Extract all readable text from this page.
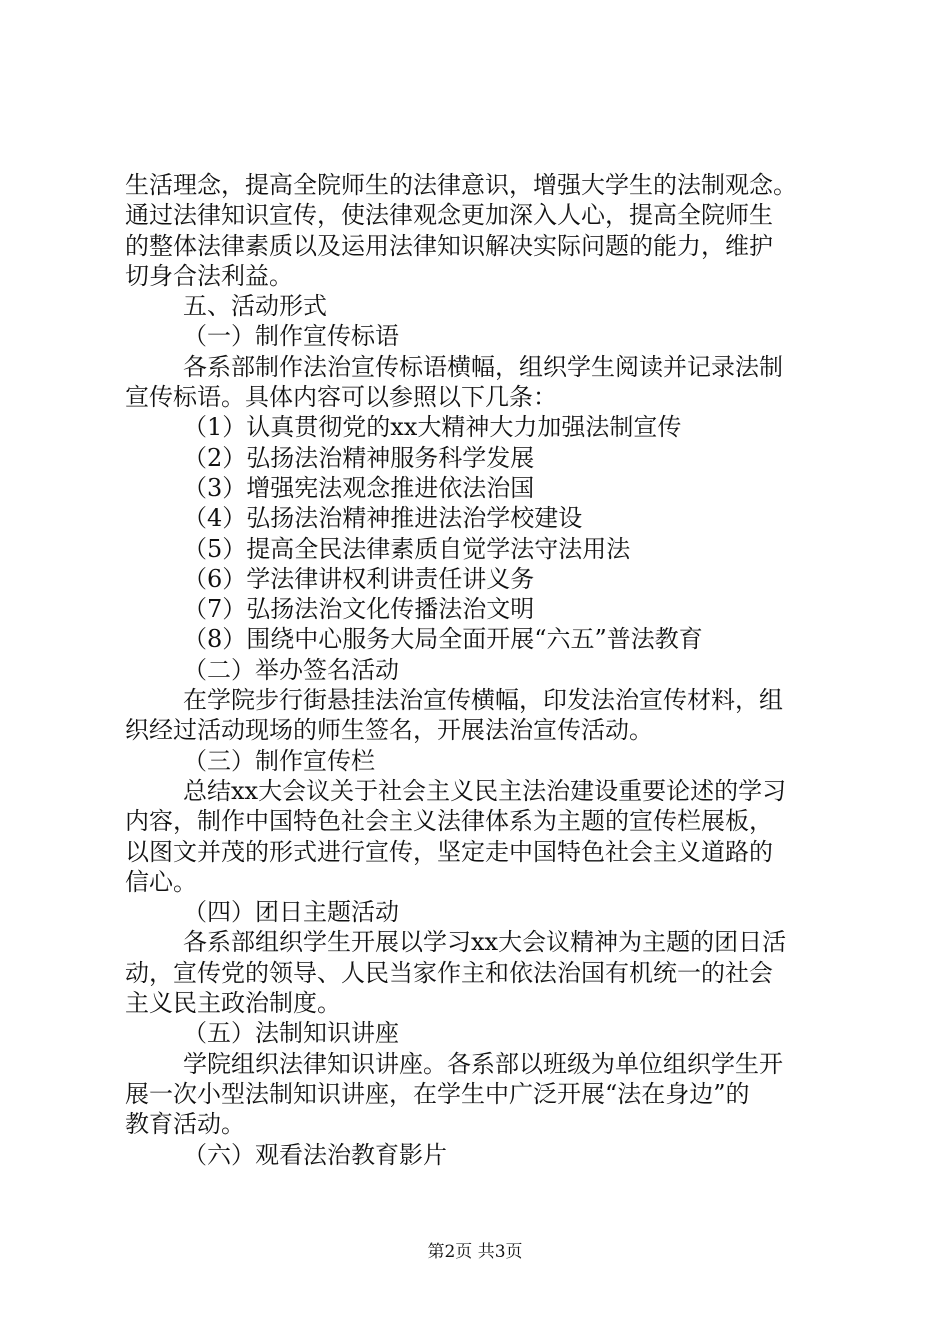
生活理念，提高全院师生的法律意识，增强大学生的法制观念。
通过法律知识宣传，使法律观念更加深入人心，提高全院师生
的整体法律素质以及运用法律知识解决实际问题的能力，维护
切身合法利益。
五、活动形式
（一）制作宣传标语
各系部制作法治宣传标语横幅，组织学生阅读并记录法制
宣传标语。具体内容可以参照以下几条：
（1）认真贯彻党的xx大精神大力加强法制宣传
（2）弘扬法治精神服务科学发展
（3）增强宪法观念推进依法治国
（4）弘扬法治精神推进法治学校建设
（5）提高全民法律素质自觉学法守法用法
（6）学法律讲权利讲责任讲义务
（7）弘扬法治文化传播法治文明
（8）围绕中心服务大局全面开展“六五”普法教育
（二）举办签名活动
在学院步行街悬挂法治宣传横幅，印发法治宣传材料，组
织经过活动现场的师生签名，开展法治宣传活动。
（三）制作宣传栏
总结xx大会议关于社会主义民主法治建设重要论述的学习
内容，制作中国特色社会主义法律体系为主题的宣传栏展板，
以图文并茂的形式进行宣传，坚定走中国特色社会主义道路的
信心。
（四）团日主题活动
各系部组织学生开展以学习xx大会议精神为主题的团日活
动，宣传党的领导、人民当家作主和依法治国有机统一的社会
主义民主政治制度。
（五）法制知识讲座
学院组织法律知识讲座。各系部以班级为单位组织学生开
展一次小型法制知识讲座，在学生中广泛开展“法在身边”的
教育活动。
（六）观看法治教育影片
第2页 共3页
